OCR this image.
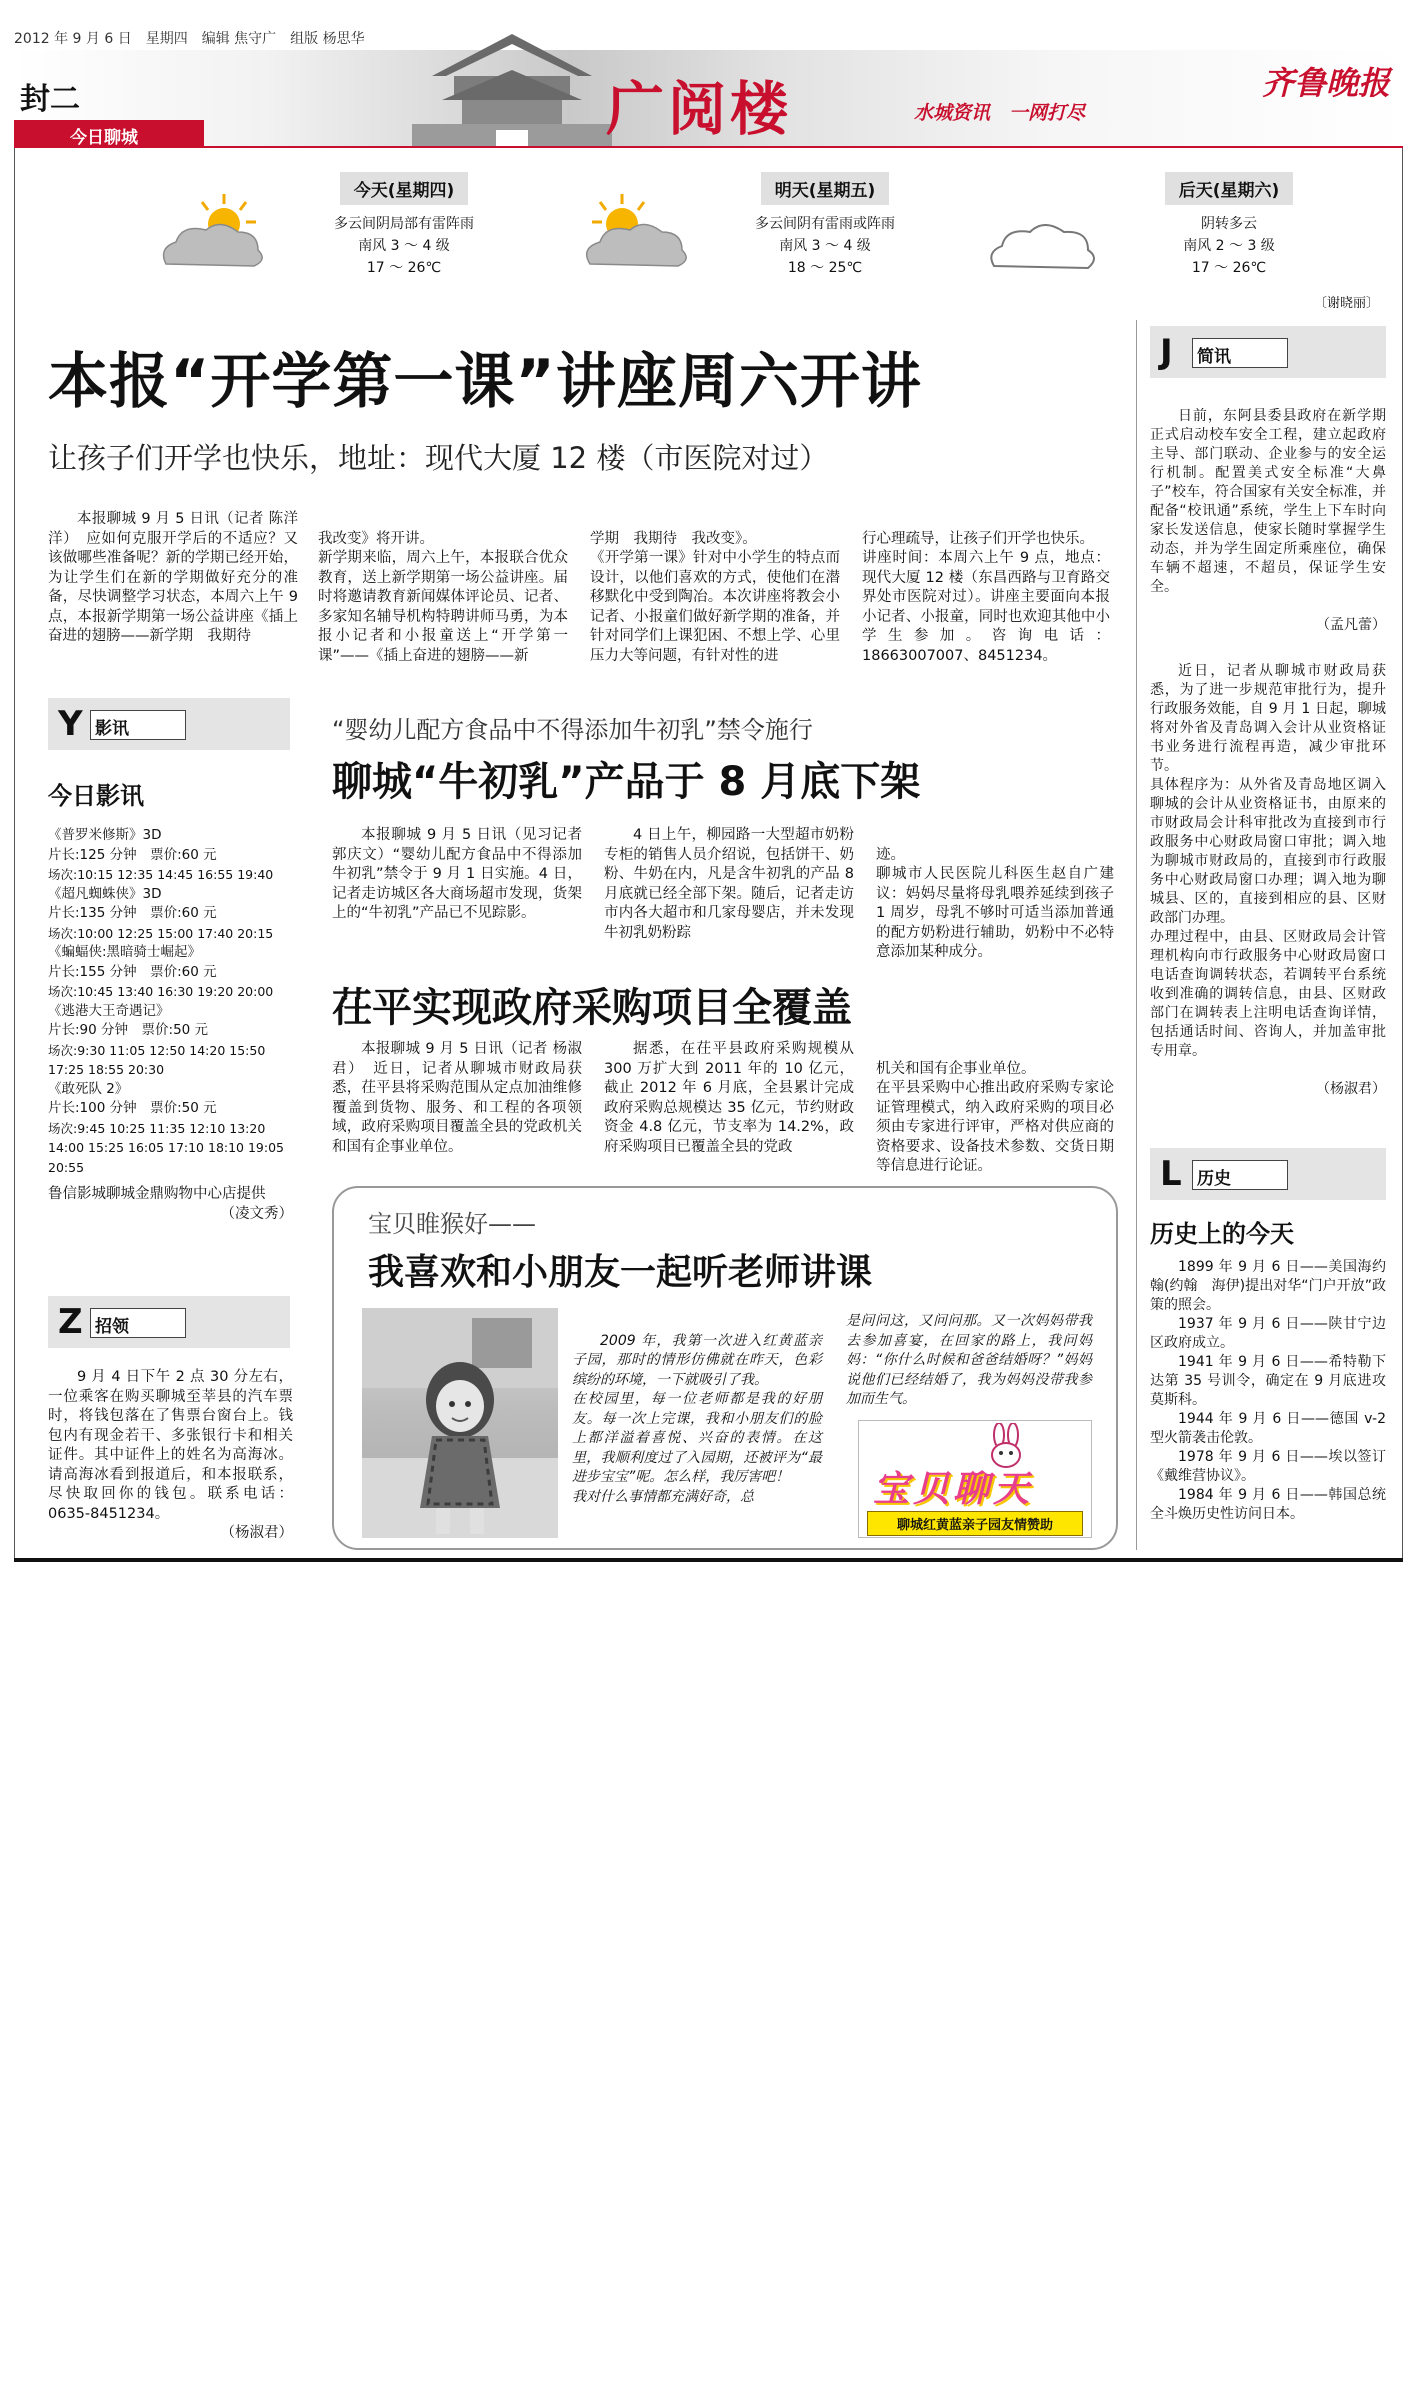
2012 年 9 月 6 日　星期四　编辑 焦守广　组版 杨思华
封二	广阅楼	水城资讯　一网打尽
齐鲁晚报
今日聊城
今天(星期四)
多云间阴局部有雷阵雨
南风 3 ～ 4 级
17 ～ 26℃
明天(星期五)
多云间阴有雷雨或阵雨
南风 3 ～ 4 级
18 ～ 25℃
后天(星期六)
阴转多云
南风 2 ～ 3 级
17 ～ 26℃
〔谢晓丽〕
本报“开学第一课”讲座周六开讲
让孩子们开学也快乐，地址：现代大厦 12 楼（市医院对过）

本报聊城 9 月 5 日讯（记者 陈洋洋）　应如何克服开学后的不适应？又该做哪些准备呢？新的学期已经开始，为让学生们在新的学期做好充分的准备，尽快调整学习状态，本周六上午 9 点，本报新学期第一场公益讲座《插上奋进的翅膀——新学期　我期待

我改变》将开讲。
新学期来临，周六上午，本报联合优众教育，送上新学期第一场公益讲座。届时将邀请教育新闻媒体评论员、记者、多家知名辅导机构特聘讲师马勇，为本报小记者和小报童送上“开学第一课”——《插上奋进的翅膀——新

学期　我期待　我改变》。
《开学第一课》针对中小学生的特点而设计，以他们喜欢的方式，使他们在潜移默化中受到陶冶。本次讲座将教会小记者、小报童们做好新学期的准备，并针对同学们上课犯困、不想上学、心里压力大等问题，有针对性的进

行心理疏导，让孩子们开学也快乐。
讲座时间：本周六上午 9 点，地点：现代大厦 12 楼（东昌西路与卫育路交界处市医院对过）。讲座主要面向本报小记者、小报童，同时也欢迎其他中小学生参加。咨询电话：18663007007、8451234。

Y 影讯
今日影讯
《普罗米修斯》3D
片长:125 分钟　票价:60 元
场次:10:15 12:35 14:45 16:55 19:40
《超凡蜘蛛侠》3D
片长:135 分钟　票价:60 元
场次:10:00 12:25 15:00 17:40 20:15
《蝙蝠侠:黑暗骑士崛起》
片长:155 分钟　票价:60 元
场次:10:45 13:40 16:30 19:20 20:00
《逃港大王奇遇记》
片长:90 分钟　票价:50 元
场次:9:30 11:05 12:50 14:20 15:50 17:25 18:55 20:30
《敢死队 2》
片长:100 分钟　票价:50 元
场次:9:45 10:25 11:35 12:10 13:20 14:00 15:25 16:05 17:10 18:10 19:05 20:55
鲁信影城聊城金鼎购物中心店提供
（凌文秀）
Z 招领

9 月 4 日下午 2 点 30 分左右，一位乘客在购买聊城至莘县的汽车票时，将钱包落在了售票台窗台上。钱包内有现金若干、多张银行卡和相关证件。其中证件上的姓名为高海冰。请高海冰看到报道后，和本报联系，尽快取回你的钱包。联系电话：0635-8451234。

（杨淑君）
“婴幼儿配方食品中不得添加牛初乳”禁令施行
聊城“牛初乳”产品于 8 月底下架

本报聊城 9 月 5 日讯（见习记者　郭庆文）“婴幼儿配方食品中不得添加牛初乳”禁令于 9 月 1 日实施。4 日，记者走访城区各大商场超市发现，货架上的“牛初乳”产品已不见踪影。

4 日上午，柳园路一大型超市奶粉专柜的销售人员介绍说，包括饼干、奶粉、牛奶在内，凡是含牛初乳的产品 8 月底就已经全部下架。随后，记者走访市内各大超市和几家母婴店，并未发现牛初乳奶粉踪

迹。
聊城市人民医院儿科医生赵自广建议：妈妈尽量将母乳喂养延续到孩子 1 周岁，母乳不够时可适当添加普通的配方奶粉进行辅助，奶粉中不必特意添加某种成分。

茌平实现政府采购项目全覆盖

本报聊城 9 月 5 日讯（记者 杨淑君）　近日，记者从聊城市财政局获悉，茌平县将采购范围从定点加油维修覆盖到货物、服务、和工程的各项领域，政府采购项目覆盖全县的党政机关和国有企事业单位。

据悉，在茌平县政府采购规模从 300 万扩大到 2011 年的 10 亿元，截止 2012 年 6 月底，全县累计完成政府采购总规模达 35 亿元，节约财政资金 4.8 亿元，节支率为 14.2%，政府采购项目已覆盖全县的党政

机关和国有企事业单位。
在平县采购中心推出政府采购专家论证管理模式，纳入政府采购的项目必须由专家进行评审，严格对供应商的资格要求、设备技术参数、交货日期等信息进行论证。

宝贝睢猴好——
我喜欢和小朋友一起听老师讲课

2009 年，我第一次进入红黄蓝亲子园，那时的情形仿佛就在昨天，色彩缤纷的环境，一下就吸引了我。
在校园里，每一位老师都是我的好朋友。每一次上完课，我和小朋友们的脸上都洋溢着喜悦、兴奋的表情。在这里，我顺利度过了入园期，还被评为“最进步宝宝”呢。怎么样，我厉害吧！
我对什么事情都充满好奇，总

是问问这，又问问那。又一次妈妈带我去参加喜宴，在回家的路上，我问妈妈：“你什么时候和爸爸结婚呀？”妈妈说他们已经结婚了，我为妈妈没带我参加而生气。

宝贝聊天
聊城红黄蓝亲子园友情赞助
J 简讯

日前，东阿县委县政府在新学期正式启动校车安全工程，建立起政府主导、部门联动、企业参与的安全运行机制。配置美式安全标准“大鼻子”校车，符合国家有关安全标准，并配备“校讯通”系统，学生上下车时向家长发送信息，使家长随时掌握学生动态，并为学生固定所乘座位，确保车辆不超速，不超员，保证学生安全。

（孟凡蕾）

近日，记者从聊城市财政局获悉，为了进一步规范审批行为，提升行政服务效能，自 9 月 1 日起，聊城将对外省及青岛调入会计从业资格证书业务进行流程再造，减少审批环节。
具体程序为：从外省及青岛地区调入聊城的会计从业资格证书，由原来的市财政局会计科审批改为直接到市行政服务中心财政局窗口审批；调入地为聊城市财政局的，直接到市行政服务中心财政局窗口办理；调入地为聊城县、区的，直接到相应的县、区财政部门办理。
办理过程中，由县、区财政局会计管理机构向市行政服务中心财政局窗口电话查询调转状态，若调转平台系统收到准确的调转信息，由县、区财政部门在调转表上注明电话查询详情，包括通话时间、咨询人，并加盖审批专用章。

（杨淑君）

L 历史
历史上的今天

1899 年 9 月 6 日——美国海约翰(约翰　海伊)提出对华“门户开放”政策的照会。

1937 年 9 月 6 日——陕甘宁边区政府成立。

1941 年 9 月 6 日——希特勒下达第 35 号训令，确定在 9 月底进攻莫斯科。

1944 年 9 月 6 日——德国 v-2 型火箭袭击伦敦。

1978 年 9 月 6 日——埃以签订《戴维营协议》。

1984 年 9 月 6 日——韩国总统全斗焕历史性访问日本。
